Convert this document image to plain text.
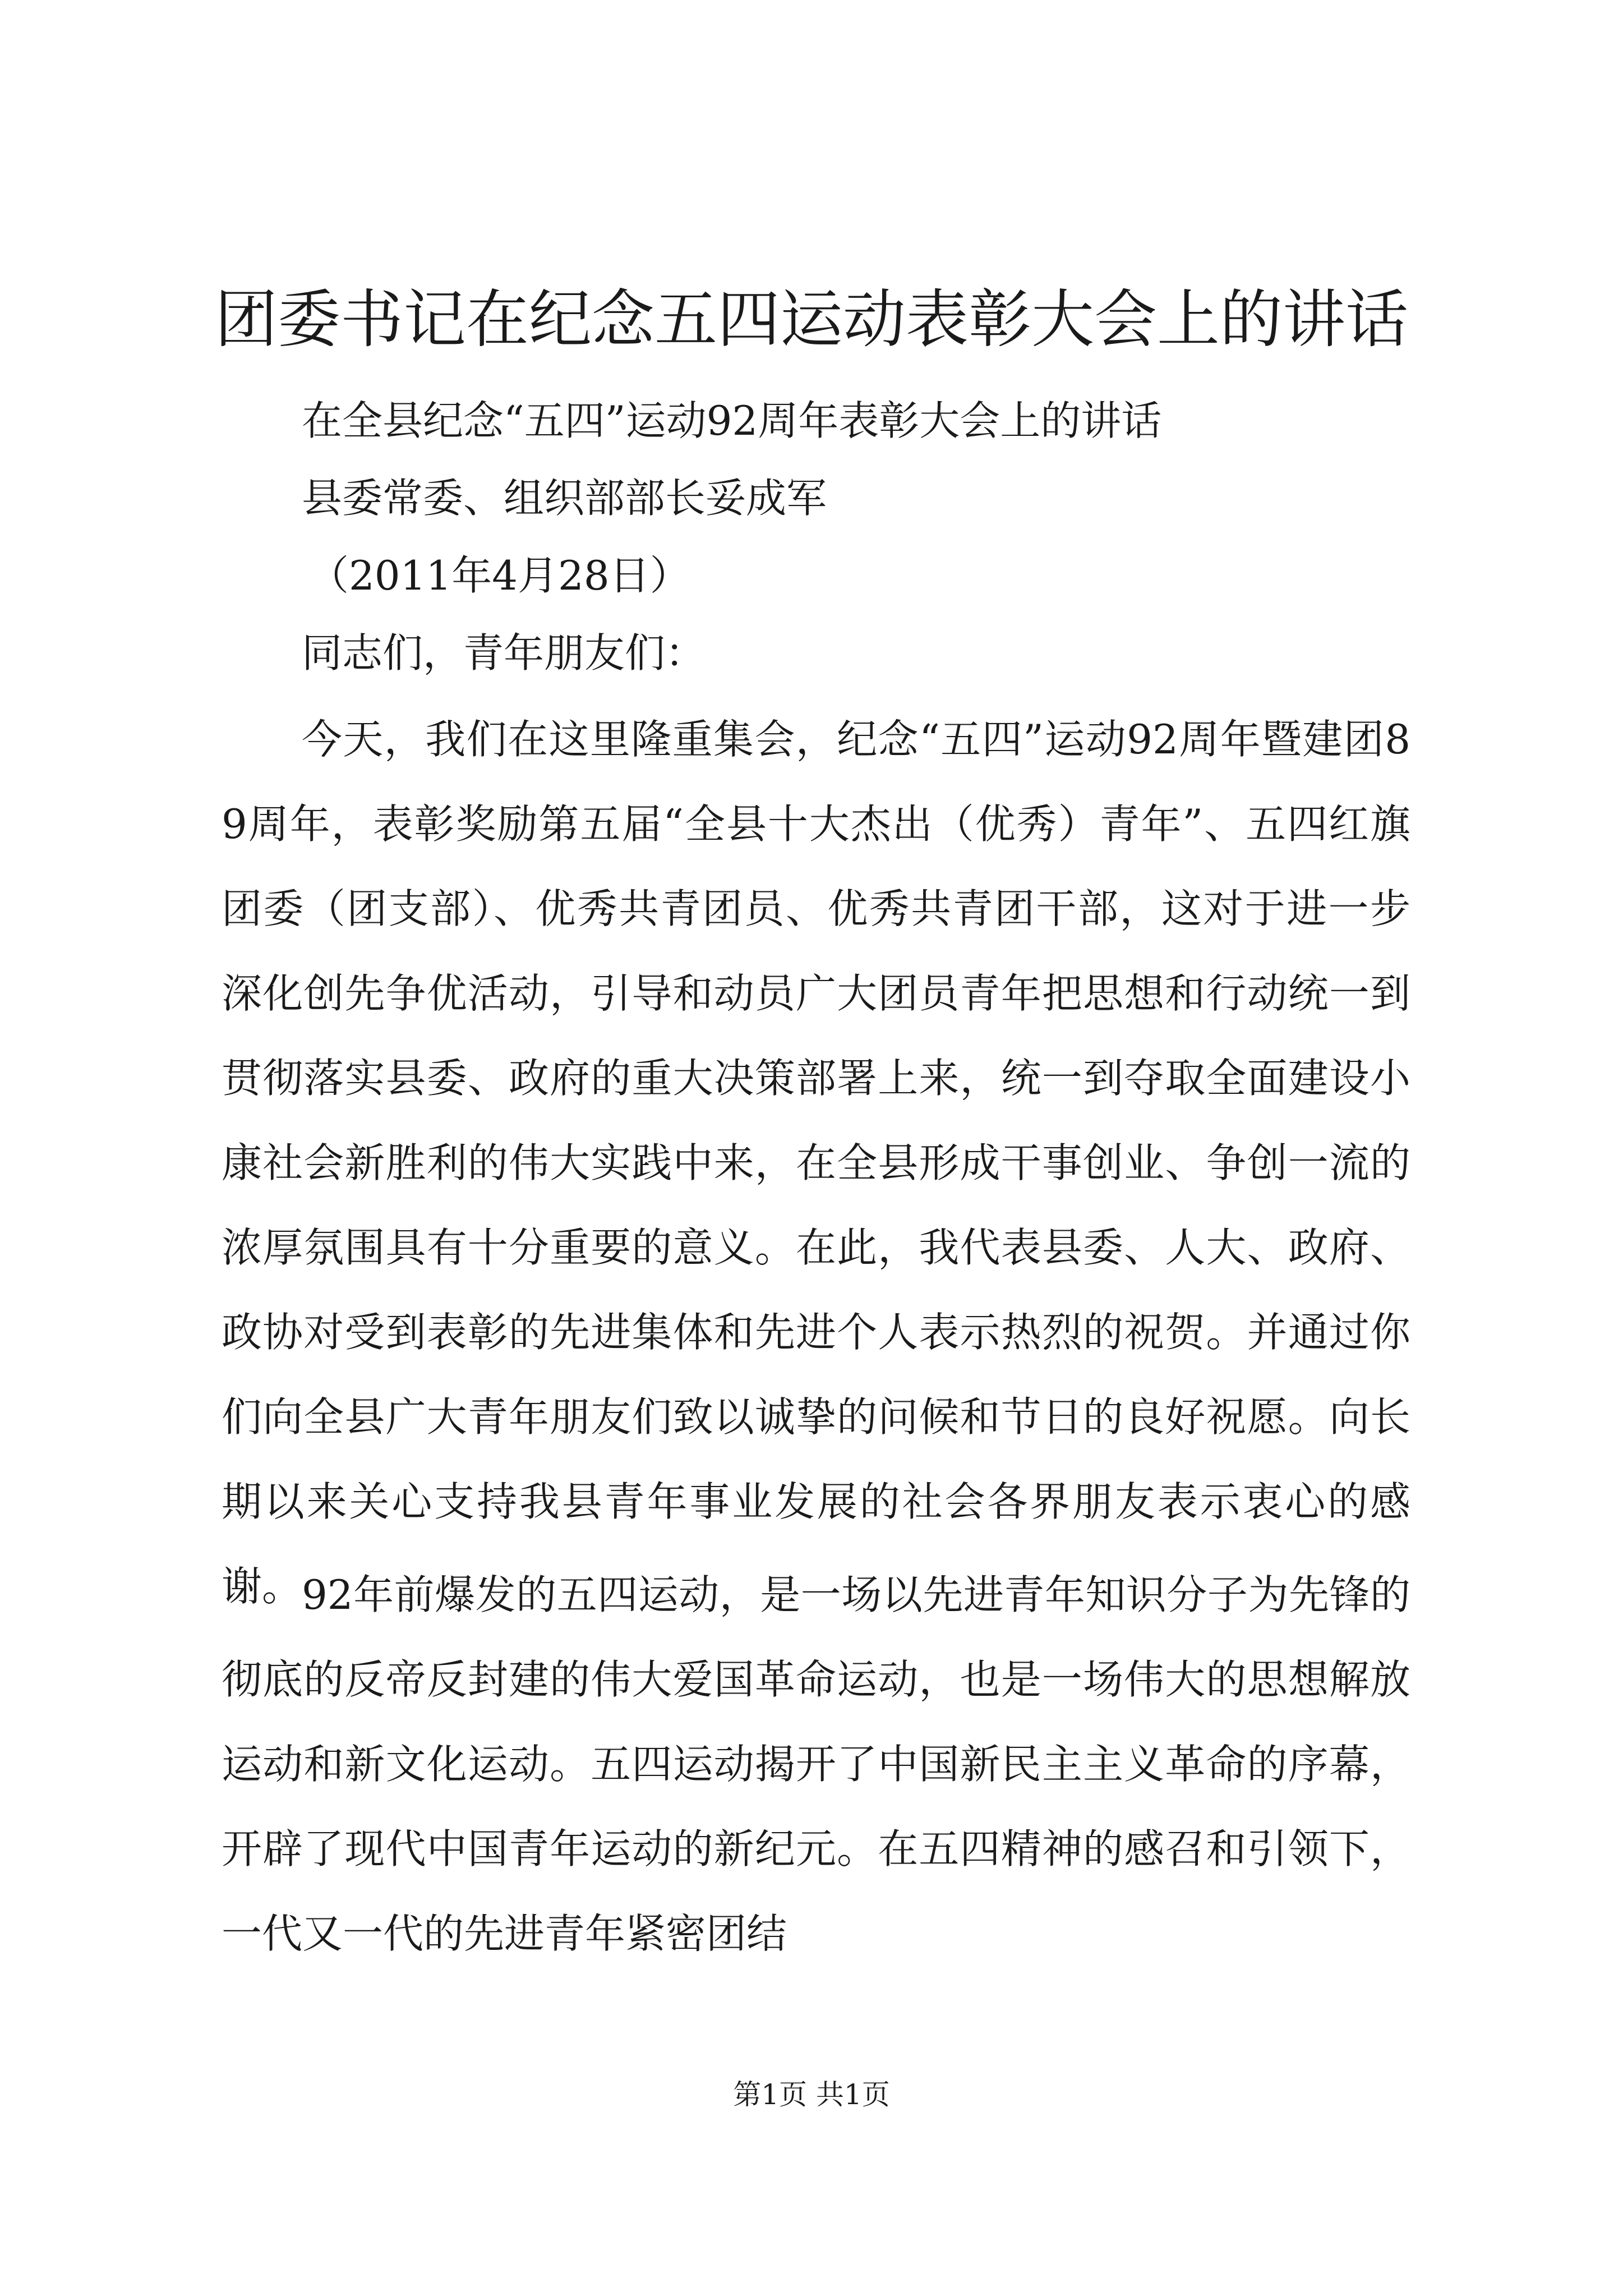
团委书记在纪念五四运动表彰大会上的讲话

在全县纪念“五四”运动92周年表彰大会上的讲话

县委常委、组织部部长妥成军

（2011年4月28日）

同志们，青年朋友们：

今天，我们在这里隆重集会，纪念“五四”运动92周年暨建团89周年，表彰奖励第五届“全县十大杰出（优秀）青年”、五四红旗团委（团支部）、优秀共青团员、优秀共青团干部，这对于进一步深化创先争优活动，引导和动员广大团员青年把思想和行动统一到贯彻落实县委、政府的重大决策部署上来，统一到夺取全面建设小康社会新胜利的伟大实践中来，在全县形成干事创业、争创一流的浓厚氛围具有十分重要的意义。在此，我代表县委、人大、政府、政协对受到表彰的先进集体和先进个人表示热烈的祝贺。并通过你们向全县广大青年朋友们致以诚挚的问候和节日的良好祝愿。向长期以来关心支持我县青年事业发展的社会各界朋友表示衷心的感谢。

92年前爆发的五四运动，是一场以先进青年知识分子为先锋的彻底的反帝反封建的伟大爱国革命运动，也是一场伟大的思想解放运动和新文化运动。五四运动揭开了中国新民主主义革命的序幕，开辟了现代中国青年运动的新纪元。在五四精神的感召和引领下，一代又一代的先进青年紧密团结

第1页 共1页
